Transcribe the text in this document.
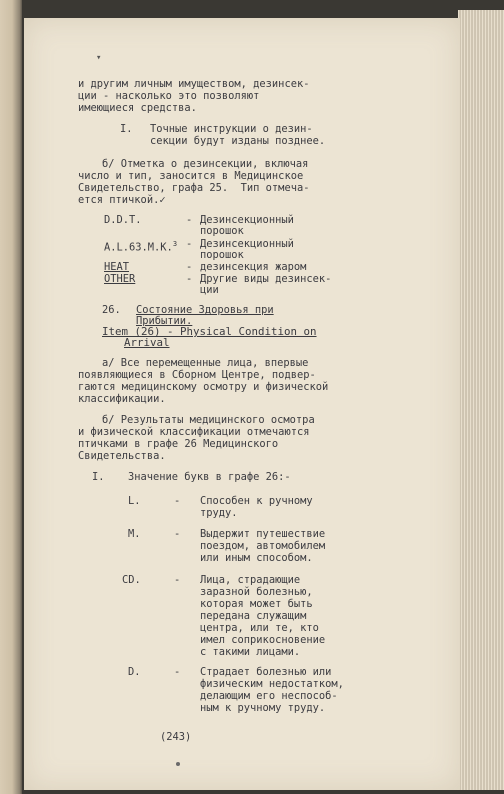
▾

и другим личным имуществом, дезинсек-

ции - насколько это позволяют

имеющиеся средства.

I. Точные инструкции о дезин-

секции будут изданы позднее.

б/ Отметка о дезинсекции, включая

число и тип, заносится в Медицинское

Свидетельство, графа 25.  Тип отмеча-

ется птичкой.✓

D.D.T.	- Дезинсекционный

порошок

A.L.63.M.K.$^3$ - Дезинсекционный

порошок

HEAT	- дезинсекция жаром

OTHER	- Другие виды дезинсек-

ции

26. Состояние Здоровья при

Прибытии.

Item (26) - Physical Condition on

Arrival

а/ Все перемещенные лица, впервые

появляющиеся в Сборном Центре, подвер-

гаются медицинскому осмотру и физической

классификации.

б/ Результаты медицинского осмотра

и физической классификации отмечаются

птичками в графе 26 Медицинского

Свидетельства.

I. Значение букв в графе 26:-

L.	- Способен к ручному

труду.

M.	- Выдержит путешествие

поездом, автомобилем

или иным способом.

CD.	- Лица, страдающие

заразной болезнью,

которая может быть

передана служащим

центра, или те, кто

имел соприкосновение

с такими лицами.

D.	- Страдает болезнью или

физическим недостатком,

делающим его неспособ-

ным к ручному труду.

(243)
